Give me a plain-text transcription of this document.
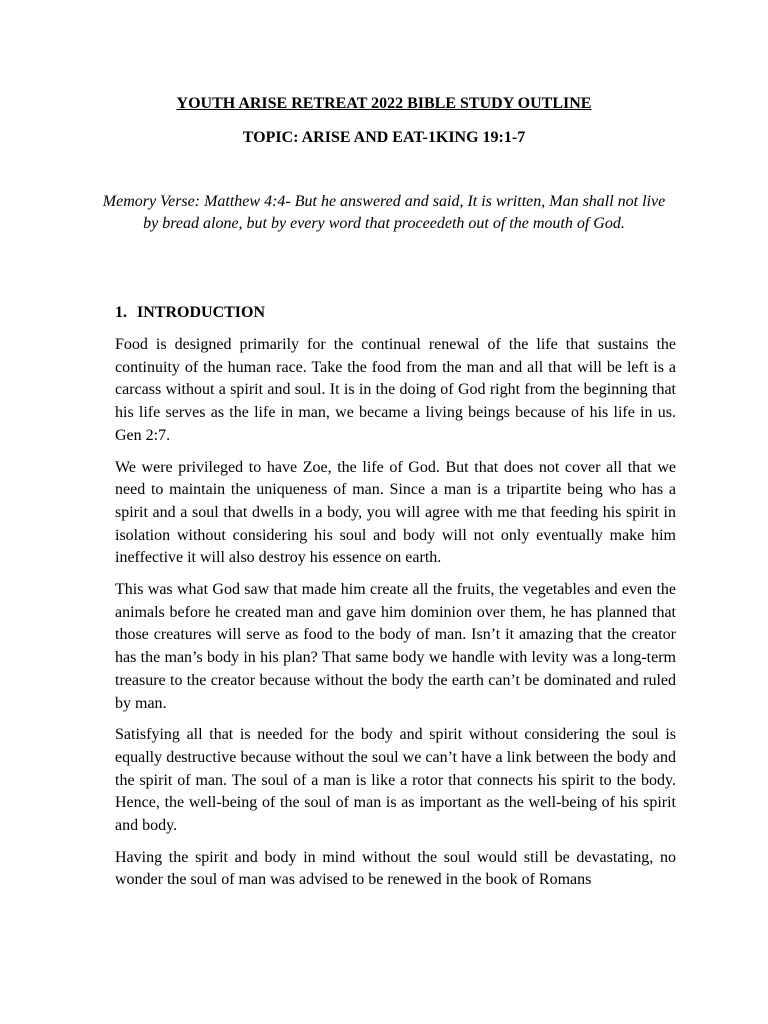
YOUTH ARISE RETREAT 2022 BIBLE STUDY OUTLINE
TOPIC: ARISE AND EAT-1KING 19:1-7

Memory Verse: Matthew 4:4- But he answered and said, It is written, Man shall not live by bread alone, but by every word that proceedeth out of the mouth of God.

1. INTRODUCTION

Food is designed primarily for the continual renewal of the life that sustains the continuity of the human race. Take the food from the man and all that will be left is a carcass without a spirit and soul. It is in the doing of God right from the beginning that his life serves as the life in man, we became a living beings because of his life in us. Gen 2:7.

We were privileged to have Zoe, the life of God. But that does not cover all that we need to maintain the uniqueness of man. Since a man is a tripartite being who has a spirit and a soul that dwells in a body, you will agree with me that feeding his spirit in isolation without considering his soul and body will not only eventually make him ineffective it will also destroy his essence on earth.

This was what God saw that made him create all the fruits, the vegetables and even the animals before he created man and gave him dominion over them, he has planned that those creatures will serve as food to the body of man. Isn’t it amazing that the creator has the man’s body in his plan? That same body we handle with levity was a long-term treasure to the creator because without the body the earth can’t be dominated and ruled by man.

Satisfying all that is needed for the body and spirit without considering the soul is equally destructive because without the soul we can’t have a link between the body and the spirit of man. The soul of a man is like a rotor that connects his spirit to the body. Hence, the well-being of the soul of man is as important as the well-being of his spirit and body.

Having the spirit and body in mind without the soul would still be devastating, no wonder the soul of man was advised to be renewed in the book of Romans
